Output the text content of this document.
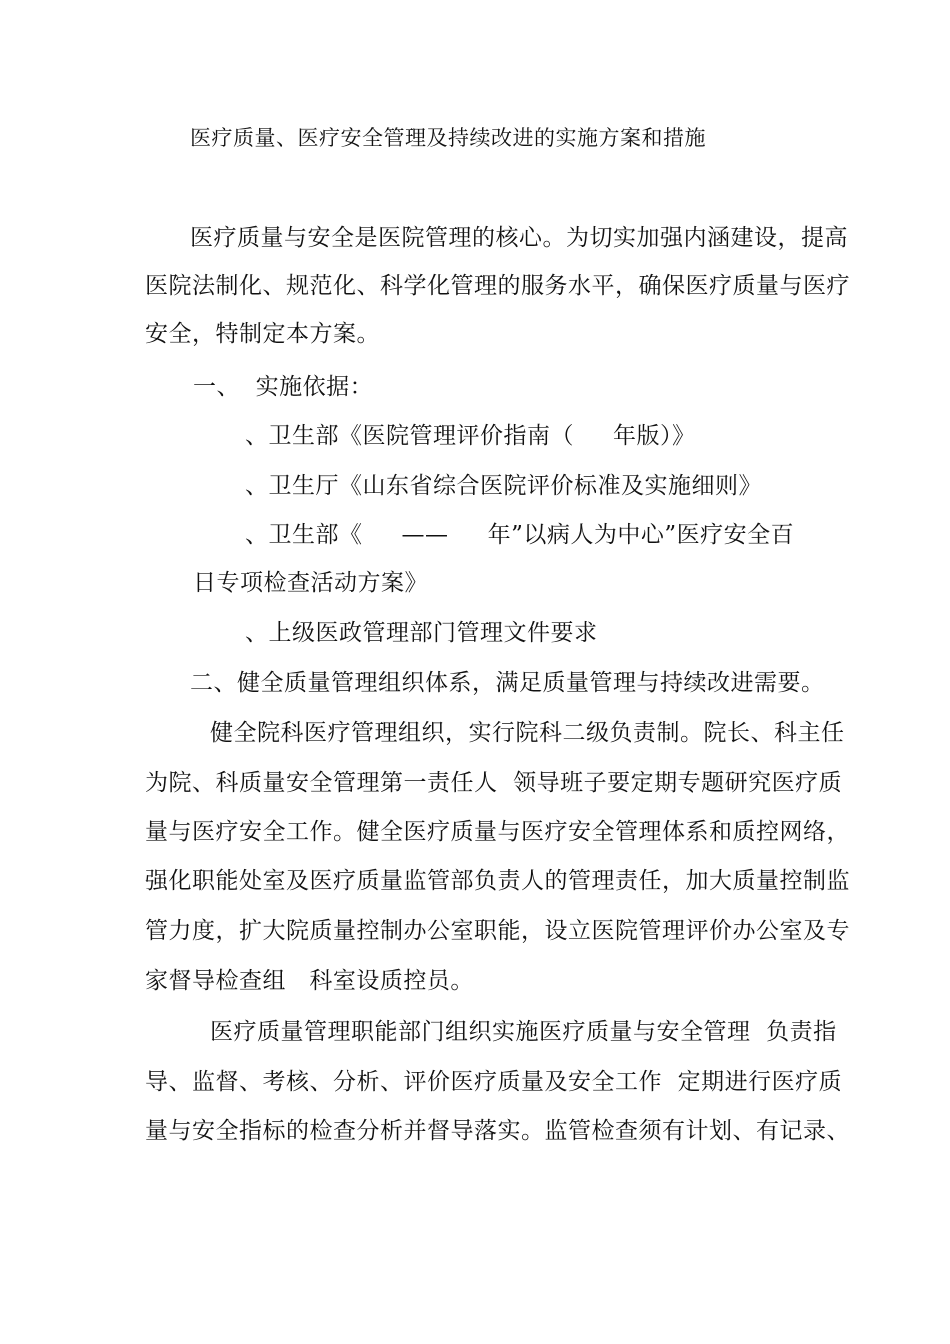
医疗质量、医疗安全管理及持续改进的实施方案和措施
医疗质量与安全是医院管理的核心。为切实加强内涵建设，提高
医院法制化、规范化、科学化管理的服务水平，确保医疗质量与医疗
安全，特制定本方案。
一、  实施依据：
、卫生部《医院管理评价指南（     年版）》
、卫生厅《山东省综合医院评价标准及实施细则》
、卫生部《     ——     年”以病人为中心”医疗安全百
日专项检查活动方案》
、上级医政管理部门管理文件要求
二、健全质量管理组织体系，满足质量管理与持续改进需要。
健全院科医疗管理组织，实行院科二级负责制。院长、科主任
为院、科质量安全管理第一责任人  领导班子要定期专题研究医疗质
量与医疗安全工作。健全医疗质量与医疗安全管理体系和质控网络，
强化职能处室及医疗质量监管部负责人的管理责任，加大质量控制监
管力度，扩大院质量控制办公室职能，设立医院管理评价办公室及专
家督导检查组   科室设质控员。
医疗质量管理职能部门组织实施医疗质量与安全管理  负责指
导、监督、考核、分析、评价医疗质量及安全工作  定期进行医疗质
量与安全指标的检查分析并督导落实。监管检查须有计划、有记录、
